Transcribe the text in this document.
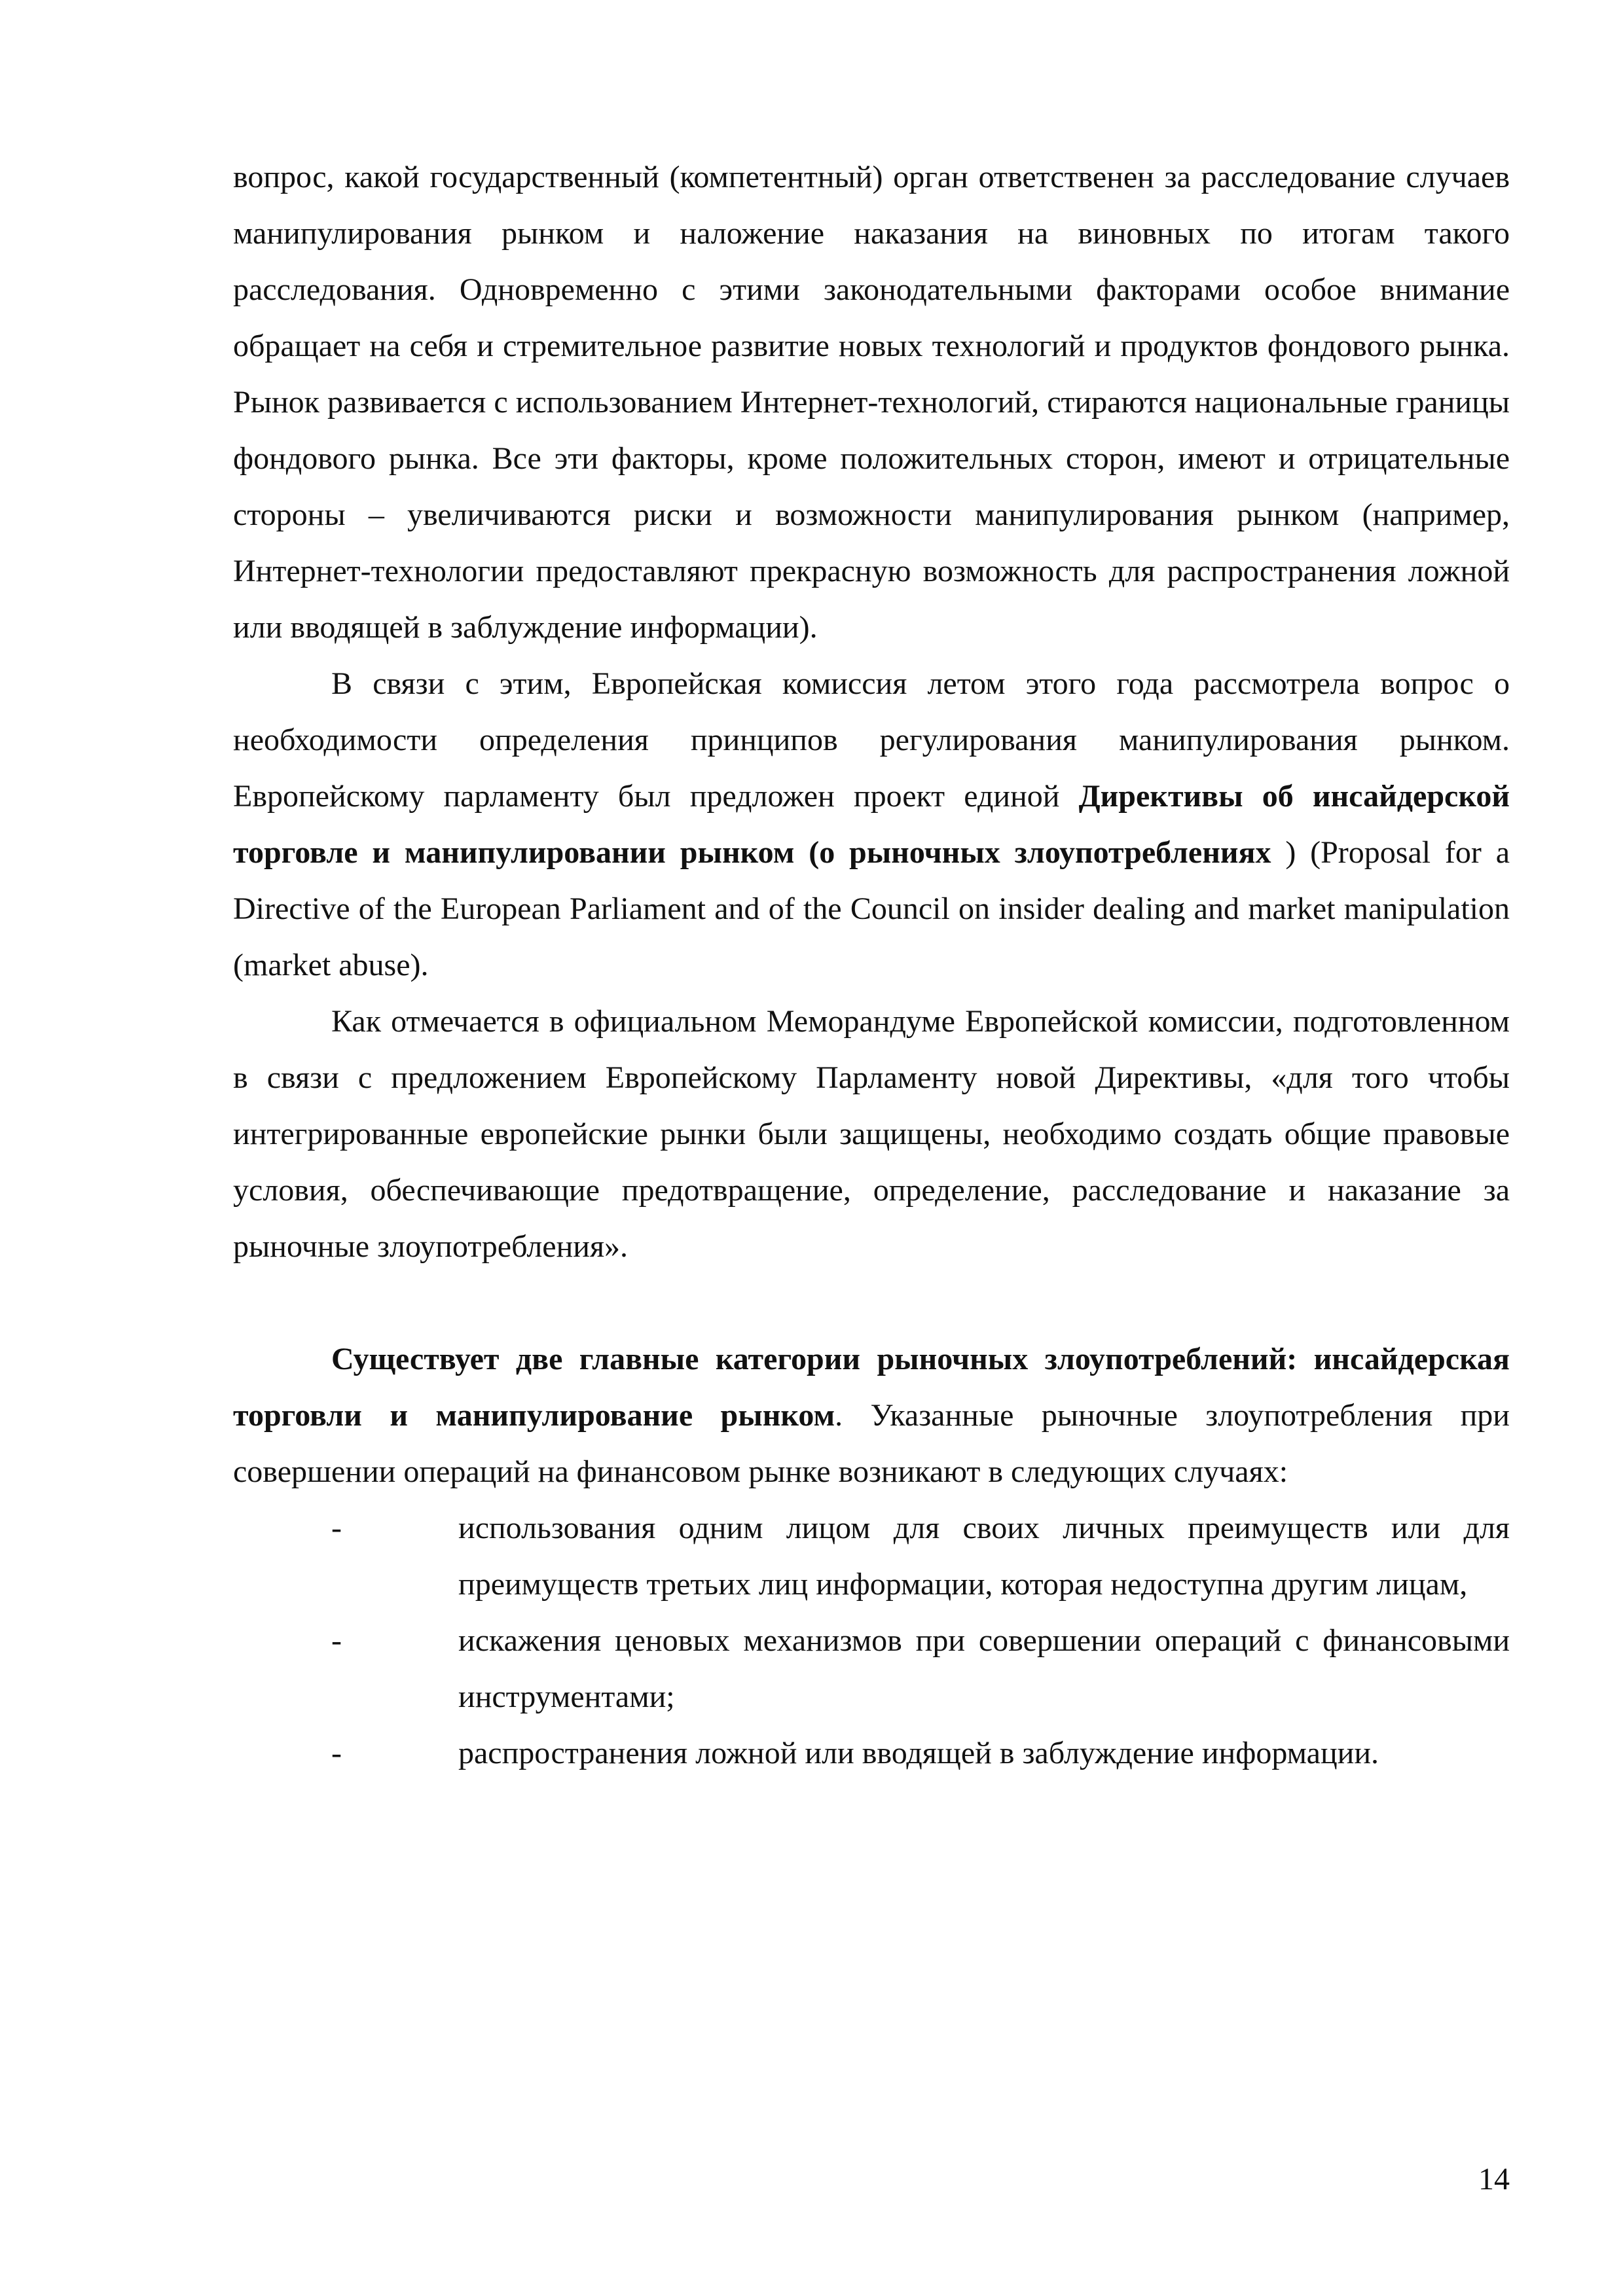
вопрос, какой государственный (компетентный) орган ответственен за расследование случаев манипулирования рынком и наложение наказания на виновных по итогам такого расследования. Одновременно с этими законодательными факторами особое внимание обращает на себя и стремительное развитие новых технологий и продуктов фондового рынка. Рынок развивается с использованием Интернет-технологий, стираются национальные границы фондового рынка. Все эти факторы, кроме положительных сторон, имеют и отрицательные стороны – увеличиваются риски и возможности манипулирования рынком (например, Интернет-технологии предоставляют прекрасную возможность для распространения ложной или вводящей в заблуждение информации).

В связи с этим, Европейская комиссия летом этого года рассмотрела вопрос о необходимости определения принципов регулирования манипулирования рынком. Европейскому парламенту был предложен проект единой Директивы об инсайдерской торговле и манипулировании рынком (о рыночных злоупотреблениях ) (Proposal for a Directive of the European Parliament and of the Council on insider dealing and market manipulation (market abuse).

Как отмечается в официальном Меморандуме Европейской комиссии, подготовленном в связи с предложением Европейскому Парламенту новой Директивы, «для того чтобы интегрированные европейские рынки были защищены, необходимо создать общие правовые условия, обеспечивающие предотвращение, определение, расследование и наказание за рыночные злоупотребления».

Существует две главные категории рыночных злоупотреблений: инсайдерская торговли и манипулирование рынком. Указанные рыночные злоупотребления при совершении операций на финансовом рынке возникают в следующих случаях:

-	использования одним лицом для своих личных преимуществ или для преимуществ третьих лиц информации, которая недоступна другим лицам,
-	искажения ценовых механизмов при совершении операций с финансовыми инструментами;
-	распространения ложной или вводящей в заблуждение информации.
14
